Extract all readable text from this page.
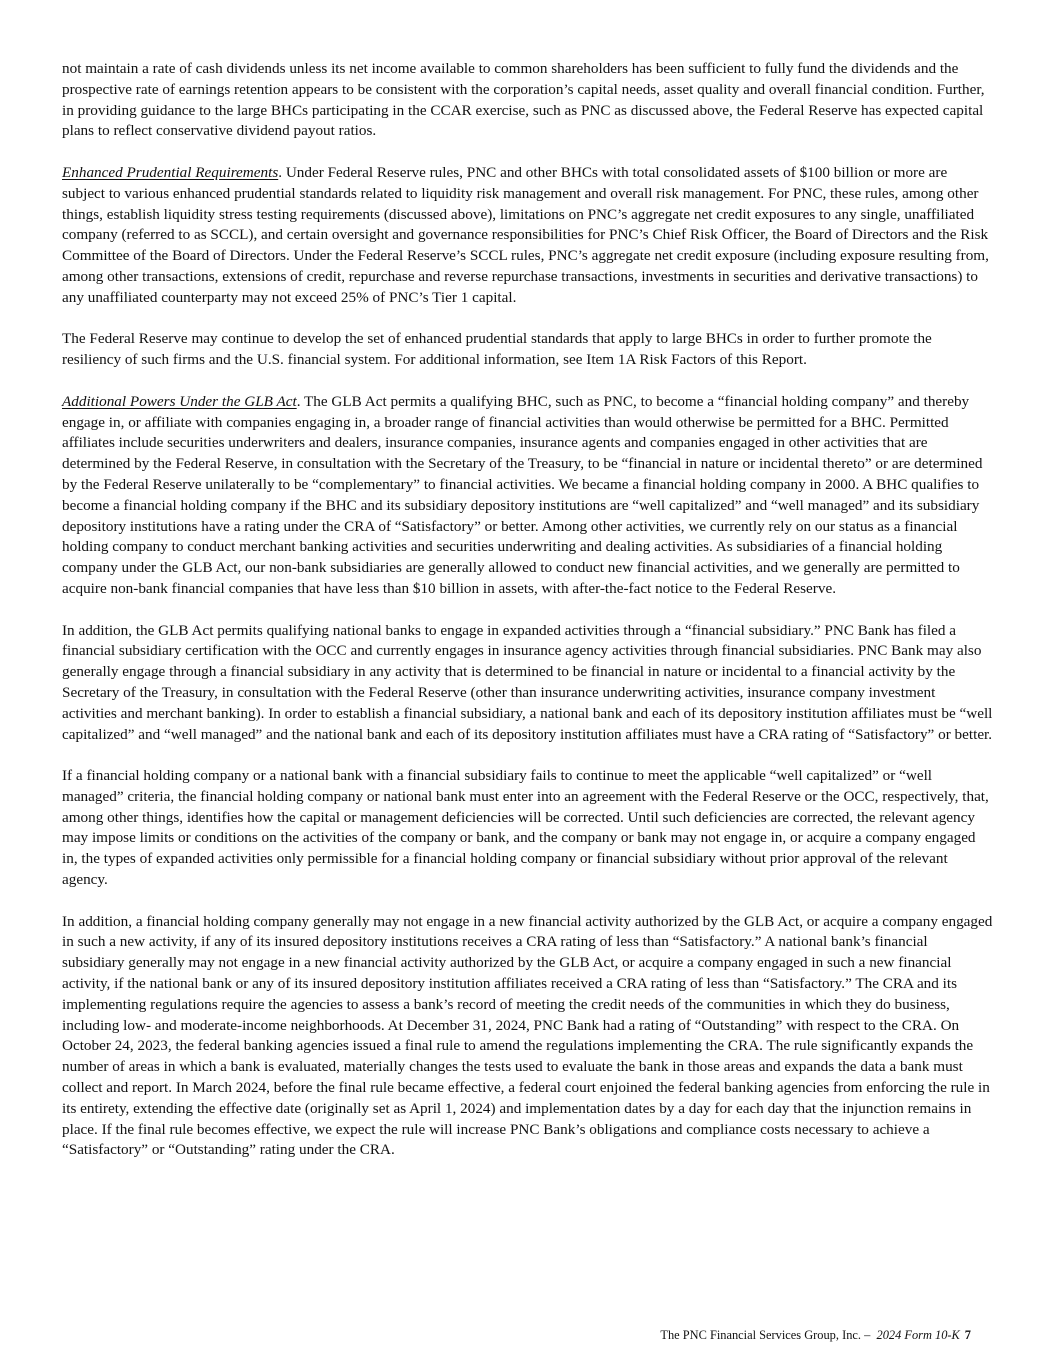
not maintain a rate of cash dividends unless its net income available to common shareholders has been sufficient to fully fund the dividends and the prospective rate of earnings retention appears to be consistent with the corporation’s capital needs, asset quality and overall financial condition. Further, in providing guidance to the large BHCs participating in the CCAR exercise, such as PNC as discussed above, the Federal Reserve has expected capital plans to reflect conservative dividend payout ratios.

Enhanced Prudential Requirements. Under Federal Reserve rules, PNC and other BHCs with total consolidated assets of $100 billion or more are subject to various enhanced prudential standards related to liquidity risk management and overall risk management. For PNC, these rules, among other things, establish liquidity stress testing requirements (discussed above), limitations on PNC’s aggregate net credit exposures to any single, unaffiliated company (referred to as SCCL), and certain oversight and governance responsibilities for PNC’s Chief Risk Officer, the Board of Directors and the Risk Committee of the Board of Directors. Under the Federal Reserve’s SCCL rules, PNC’s aggregate net credit exposure (including exposure resulting from, among other transactions, extensions of credit, repurchase and reverse repurchase transactions, investments in securities and derivative transactions) to any unaffiliated counterparty may not exceed 25% of PNC’s Tier 1 capital.

The Federal Reserve may continue to develop the set of enhanced prudential standards that apply to large BHCs in order to further promote the resiliency of such firms and the U.S. financial system. For additional information, see Item 1A Risk Factors of this Report.

Additional Powers Under the GLB Act. The GLB Act permits a qualifying BHC, such as PNC, to become a “financial holding company” and thereby engage in, or affiliate with companies engaging in, a broader range of financial activities than would otherwise be permitted for a BHC. Permitted affiliates include securities underwriters and dealers, insurance companies, insurance agents and companies engaged in other activities that are determined by the Federal Reserve, in consultation with the Secretary of the Treasury, to be “financial in nature or incidental thereto” or are determined by the Federal Reserve unilaterally to be “complementary” to financial activities. We became a financial holding company in 2000. A BHC qualifies to become a financial holding company if the BHC and its subsidiary depository institutions are “well capitalized” and “well managed” and its subsidiary depository institutions have a rating under the CRA of “Satisfactory” or better. Among other activities, we currently rely on our status as a financial holding company to conduct merchant banking activities and securities underwriting and dealing activities. As subsidiaries of a financial holding company under the GLB Act, our non-bank subsidiaries are generally allowed to conduct new financial activities, and we generally are permitted to acquire non-bank financial companies that have less than $10 billion in assets, with after-the-fact notice to the Federal Reserve.

In addition, the GLB Act permits qualifying national banks to engage in expanded activities through a “financial subsidiary.” PNC Bank has filed a financial subsidiary certification with the OCC and currently engages in insurance agency activities through financial subsidiaries. PNC Bank may also generally engage through a financial subsidiary in any activity that is determined to be financial in nature or incidental to a financial activity by the Secretary of the Treasury, in consultation with the Federal Reserve (other than insurance underwriting activities, insurance company investment activities and merchant banking). In order to establish a financial subsidiary, a national bank and each of its depository institution affiliates must be “well capitalized” and “well managed” and the national bank and each of its depository institution affiliates must have a CRA rating of “Satisfactory” or better.

If a financial holding company or a national bank with a financial subsidiary fails to continue to meet the applicable “well capitalized” or “well managed” criteria, the financial holding company or national bank must enter into an agreement with the Federal Reserve or the OCC, respectively, that, among other things, identifies how the capital or management deficiencies will be corrected. Until such deficiencies are corrected, the relevant agency may impose limits or conditions on the activities of the company or bank, and the company or bank may not engage in, or acquire a company engaged in, the types of expanded activities only permissible for a financial holding company or financial subsidiary without prior approval of the relevant agency.

In addition, a financial holding company generally may not engage in a new financial activity authorized by the GLB Act, or acquire a company engaged in such a new activity, if any of its insured depository institutions receives a CRA rating of less than “Satisfactory.” A national bank’s financial subsidiary generally may not engage in a new financial activity authorized by the GLB Act, or acquire a company engaged in such a new financial activity, if the national bank or any of its insured depository institution affiliates received a CRA rating of less than “Satisfactory.” The CRA and its implementing regulations require the agencies to assess a bank’s record of meeting the credit needs of the communities in which they do business, including low- and moderate-income neighborhoods. At December 31, 2024, PNC Bank had a rating of “Outstanding” with respect to the CRA. On October 24, 2023, the federal banking agencies issued a final rule to amend the regulations implementing the CRA. The rule significantly expands the number of areas in which a bank is evaluated, materially changes the tests used to evaluate the bank in those areas and expands the data a bank must collect and report. In March 2024, before the final rule became effective, a federal court enjoined the federal banking agencies from enforcing the rule in its entirety, extending the effective date (originally set as April 1, 2024) and implementation dates by a day for each day that the injunction remains in place. If the final rule becomes effective, we expect the rule will increase PNC Bank’s obligations and compliance costs necessary to achieve a “Satisfactory” or “Outstanding” rating under the CRA.

The PNC Financial Services Group, Inc. – 2024 Form 10-K 7
